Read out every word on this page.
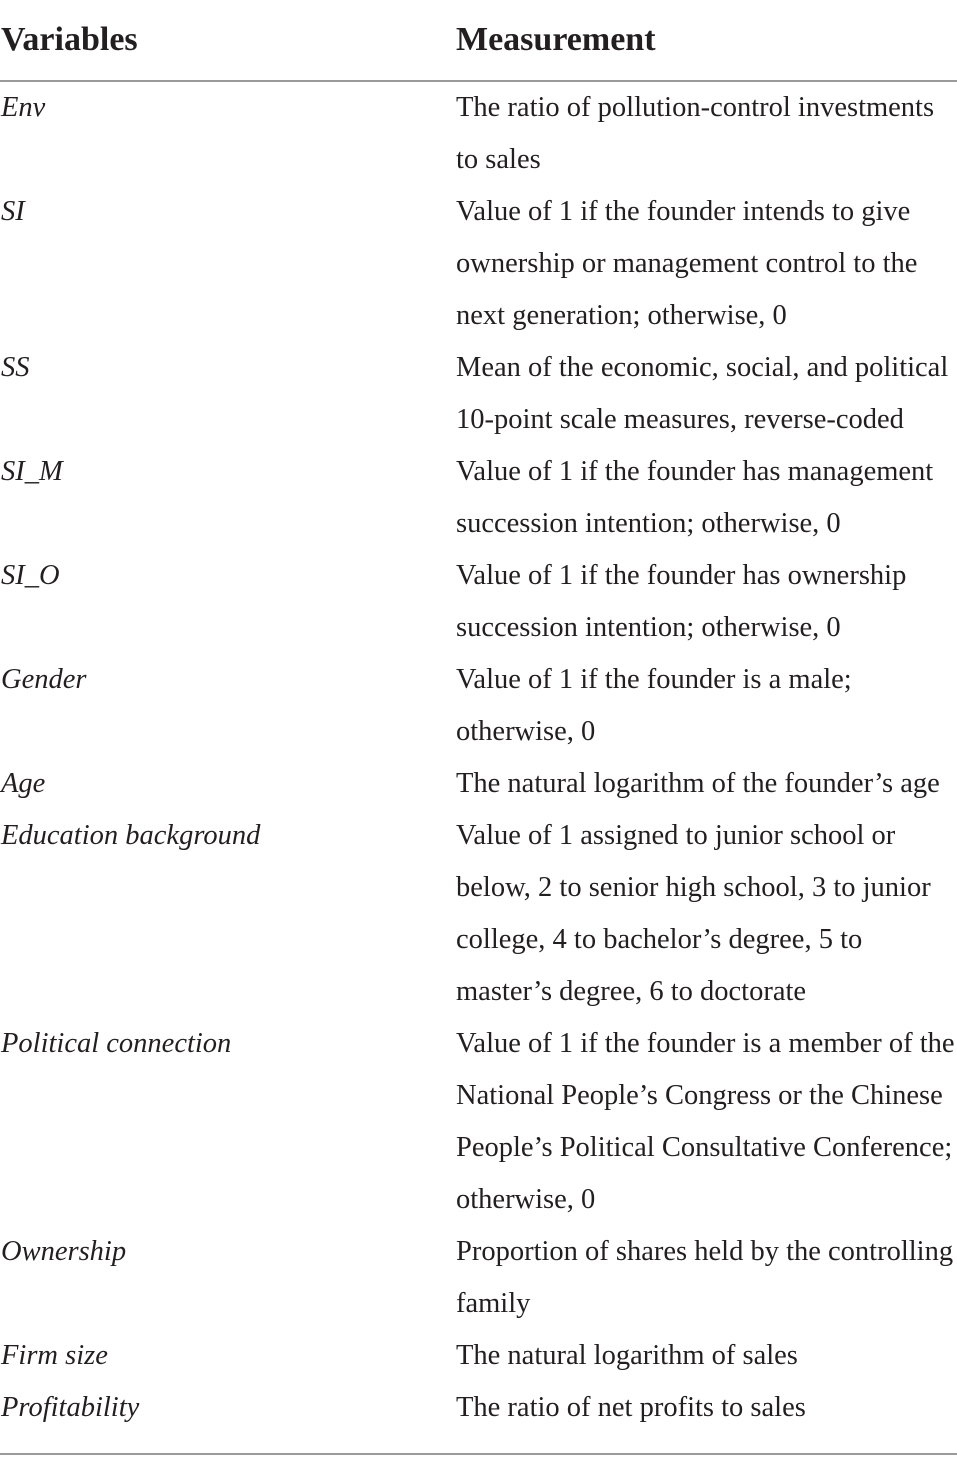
Variables	Measurement
Env	The ratio of pollution-control investments to sales
SI	Value of 1 if the founder intends to give ownership or management control to the next generation; otherwise, 0
SS	Mean of the economic, social, and political 10-point scale measures, reverse-coded
SI_M	Value of 1 if the founder has management succession intention; otherwise, 0
SI_O	Value of 1 if the founder has ownership succession intention; otherwise, 0
Gender	Value of 1 if the founder is a male; otherwise, 0
Age	The natural logarithm of the founder’s age
Education background	Value of 1 assigned to junior school or below, 2 to senior high school, 3 to junior college, 4 to bachelor’s degree, 5 to master’s degree, 6 to doctorate
Political connection	Value of 1 if the founder is a member of the National People’s Congress or the Chinese People’s Political Consultative Conference; otherwise, 0
Ownership	Proportion of shares held by the controlling family
Firm size	The natural logarithm of sales
Profitability	The ratio of net profits to sales
